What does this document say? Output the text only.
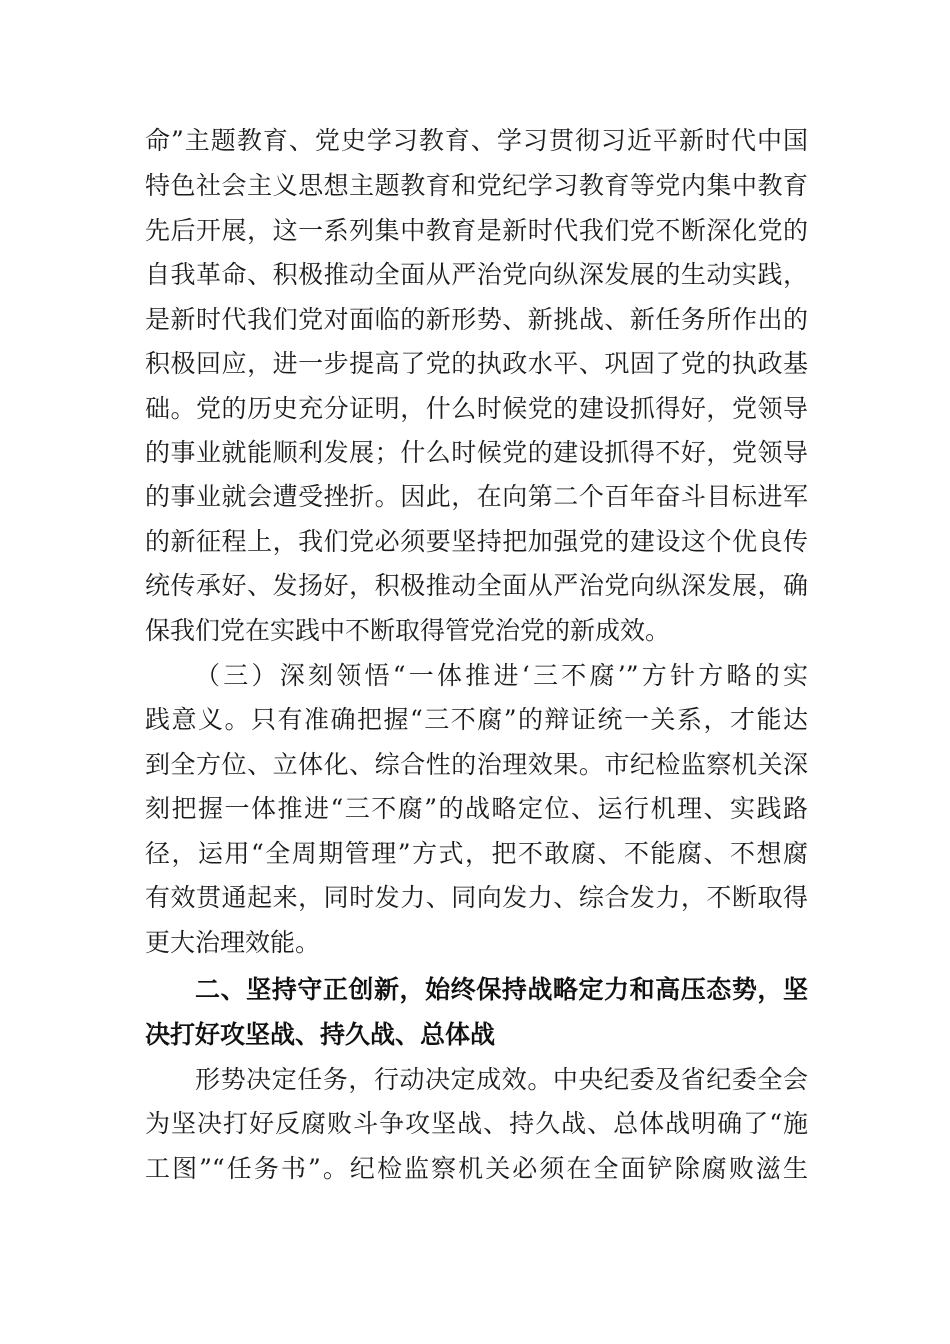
命”主题教育、党史学习教育、学习贯彻习近平新时代中国
特色社会主义思想主题教育和党纪学习教育等党内集中教育
先后开展，这一系列集中教育是新时代我们党不断深化党的
自我革命、积极推动全面从严治党向纵深发展的生动实践，
是新时代我们党对面临的新形势、新挑战、新任务所作出的
积极回应，进一步提高了党的执政水平、巩固了党的执政基
础。党的历史充分证明，什么时候党的建设抓得好，党领导
的事业就能顺利发展；什么时候党的建设抓得不好，党领导
的事业就会遭受挫折。因此，在向第二个百年奋斗目标进军
的新征程上，我们党必须要坚持把加强党的建设这个优良传
统传承好、发扬好，积极推动全面从严治党向纵深发展，确
保我们党在实践中不断取得管党治党的新成效。
（三）深刻领悟“一体推进‘三不腐’”方针方略的实
践意义。只有准确把握“三不腐”的辩证统一关系，才能达
到全方位、立体化、综合性的治理效果。市纪检监察机关深
刻把握一体推进“三不腐”的战略定位、运行机理、实践路
径，运用“全周期管理”方式，把不敢腐、不能腐、不想腐
有效贯通起来，同时发力、同向发力、综合发力，不断取得
更大治理效能。
二、坚持守正创新，始终保持战略定力和高压态势，坚
决打好攻坚战、持久战、总体战
形势决定任务，行动决定成效。中央纪委及省纪委全会
为坚决打好反腐败斗争攻坚战、持久战、总体战明确了“施
工图”“任务书”。纪检监察机关必须在全面铲除腐败滋生
